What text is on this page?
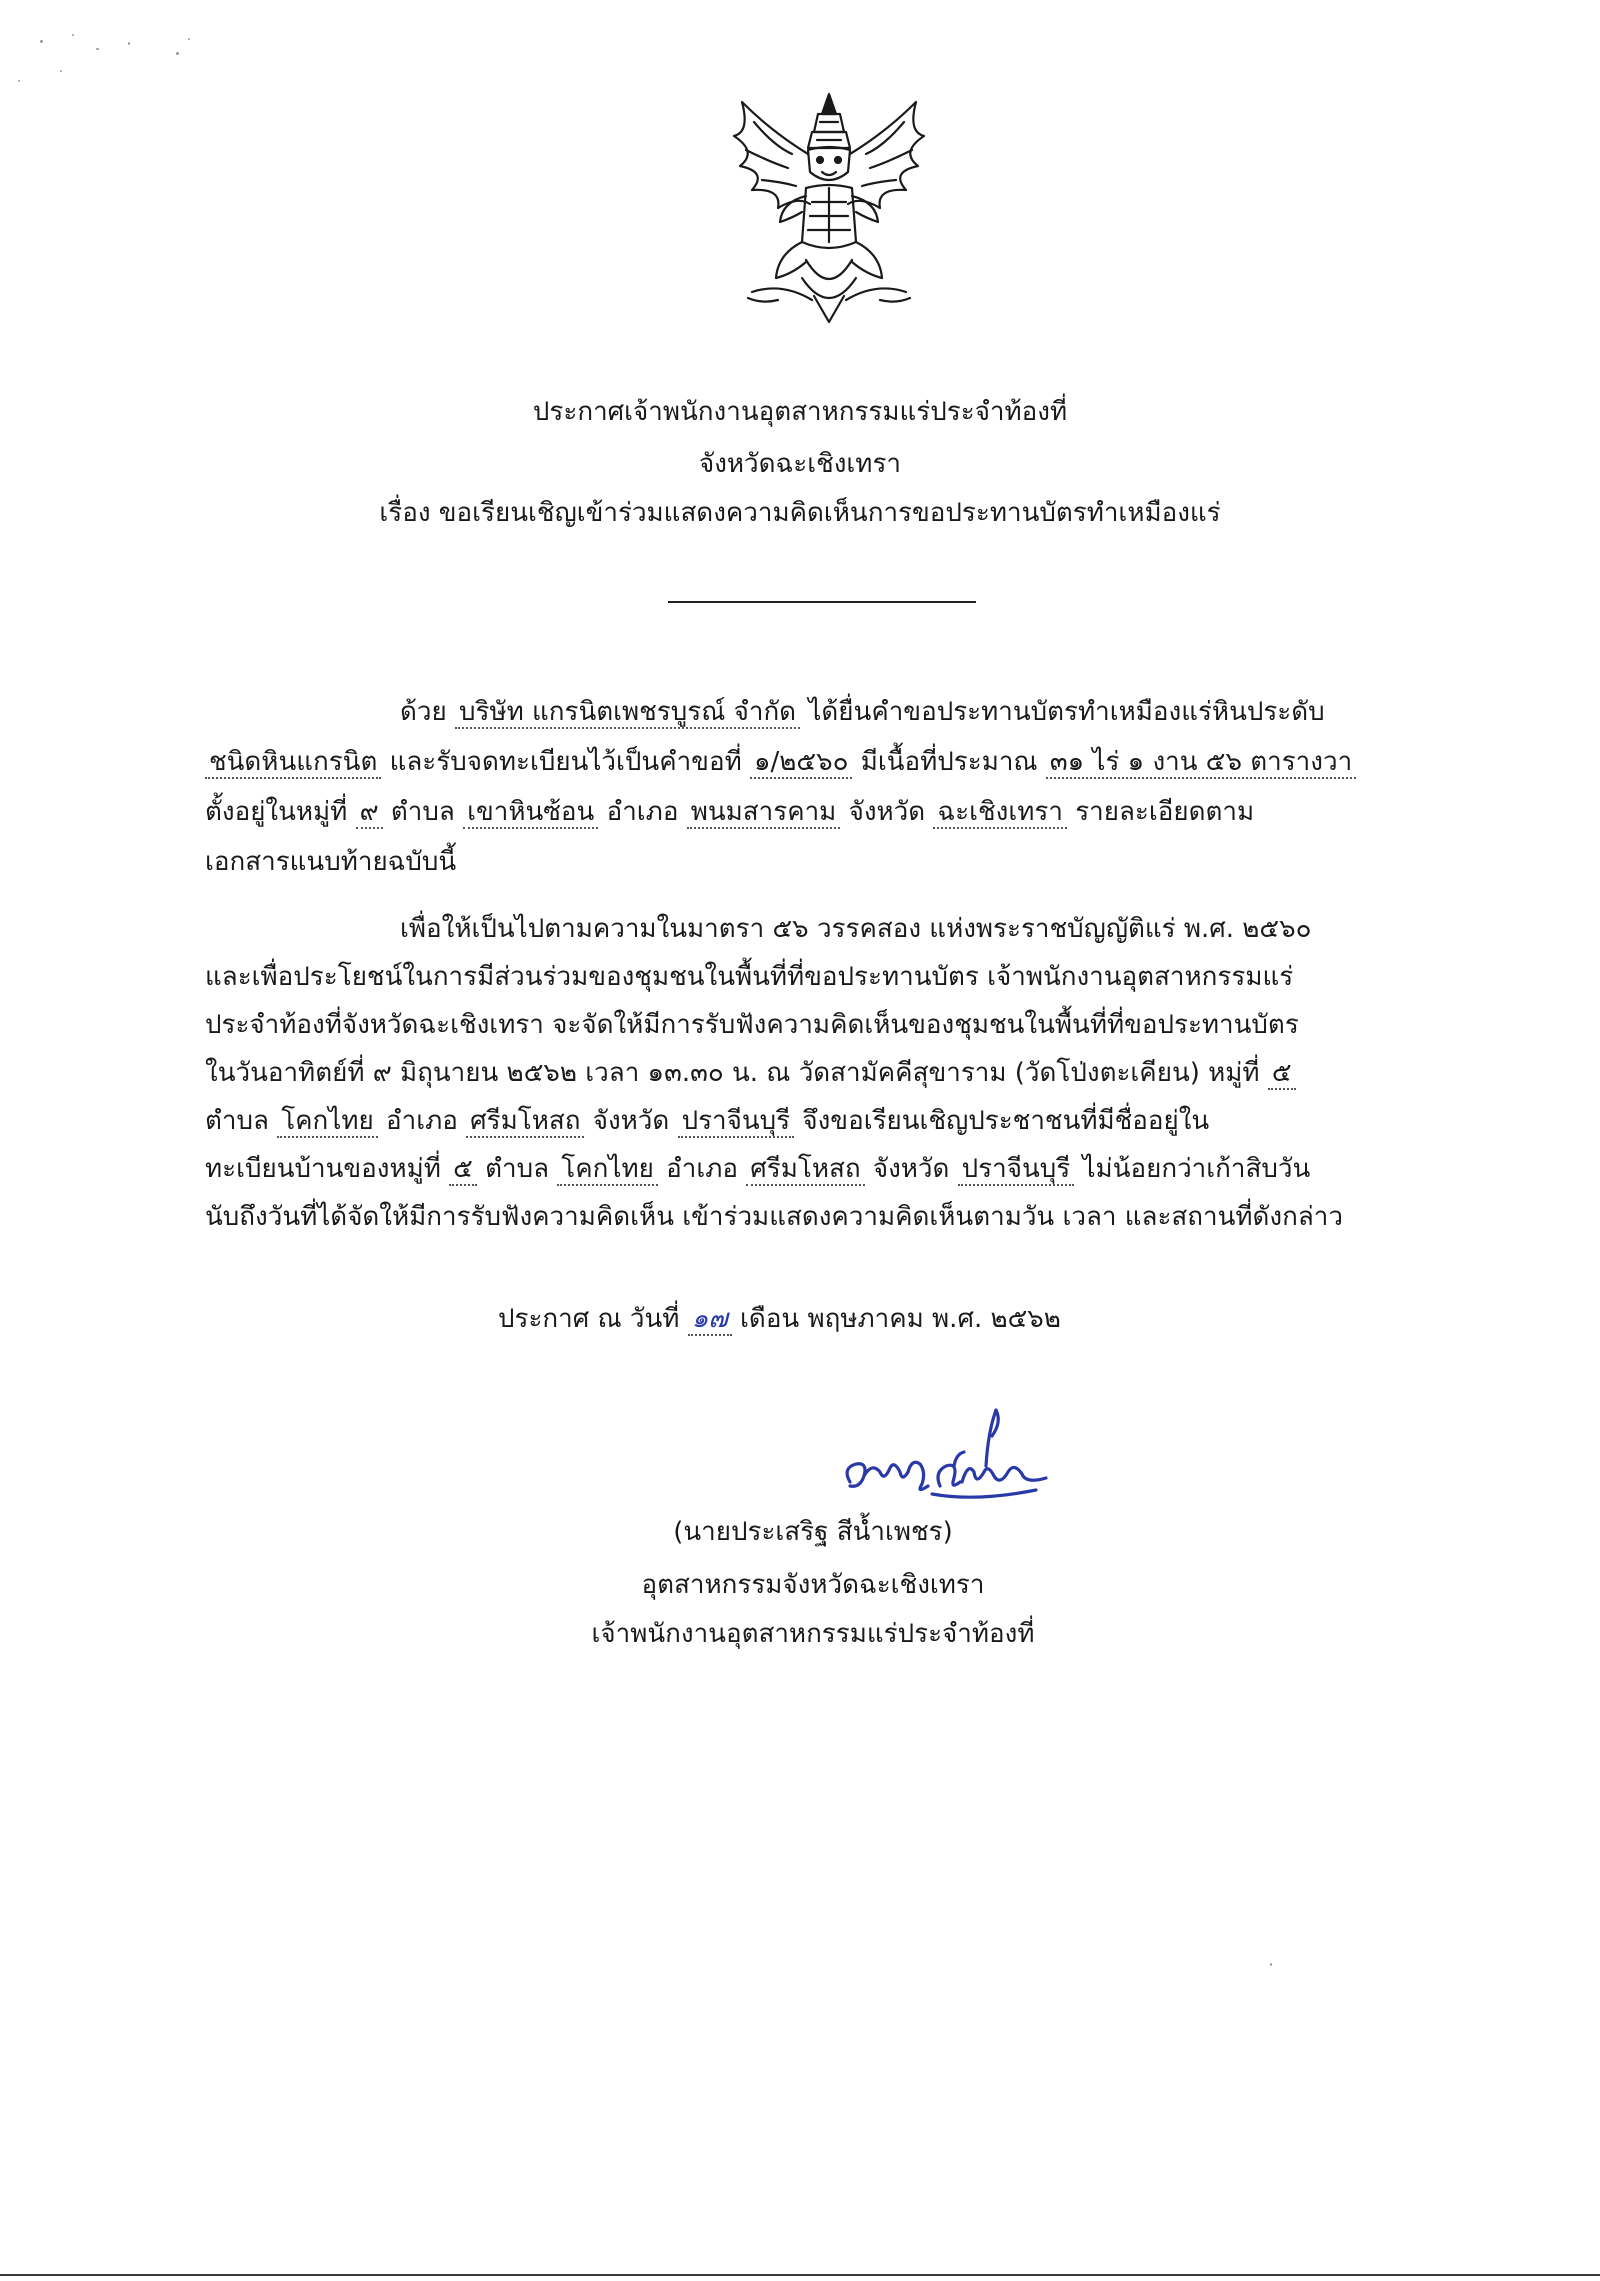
ประกาศเจ้าพนักงานอุตสาหกรรมแร่ประจำท้องที่
จังหวัดฉะเชิงเทรา
เรื่อง ขอเรียนเชิญเข้าร่วมแสดงความคิดเห็นการขอประทานบัตรทำเหมืองแร่
ด้วย บริษัท แกรนิตเพชรบูรณ์ จำกัด ได้ยื่นคำขอประทานบัตรทำเหมืองแร่หินประดับ
ชนิดหินแกรนิต และรับจดทะเบียนไว้เป็นคำขอที่ ๑/๒๕๖๐ มีเนื้อที่ประมาณ ๓๑ ไร่ ๑ งาน ๕๖ ตารางวา
ตั้งอยู่ในหมู่ที่ ๙ ตำบล เขาหินซ้อน อำเภอ พนมสารคาม จังหวัด ฉะเชิงเทรา รายละเอียดตาม
เอกสารแนบท้ายฉบับนี้
เพื่อให้เป็นไปตามความในมาตรา ๕๖ วรรคสอง แห่งพระราชบัญญัติแร่ พ.ศ. ๒๕๖๐
และเพื่อประโยชน์ในการมีส่วนร่วมของชุมชนในพื้นที่ที่ขอประทานบัตร เจ้าพนักงานอุตสาหกรรมแร่
ประจำท้องที่จังหวัดฉะเชิงเทรา จะจัดให้มีการรับฟังความคิดเห็นของชุมชนในพื้นที่ที่ขอประทานบัตร
ในวันอาทิตย์ที่ ๙ มิถุนายน ๒๕๖๒ เวลา ๑๓.๓๐ น. ณ วัดสามัคคีสุขาราม (วัดโป่งตะเคียน) หมู่ที่ ๕
ตำบล โคกไทย อำเภอ ศรีมโหสถ จังหวัด ปราจีนบุรี จึงขอเรียนเชิญประชาชนที่มีชื่ออยู่ใน
ทะเบียนบ้านของหมู่ที่ ๕ ตำบล โคกไทย อำเภอ ศรีมโหสถ จังหวัด ปราจีนบุรี ไม่น้อยกว่าเก้าสิบวัน
นับถึงวันที่ได้จัดให้มีการรับฟังความคิดเห็น เข้าร่วมแสดงความคิดเห็นตามวัน เวลา และสถานที่ดังกล่าว
ประกาศ ณ วันที่ ๑๗ เดือน พฤษภาคม พ.ศ. ๒๕๖๒
(นายประเสริฐ สีน้ำเพชร)
อุตสาหกรรมจังหวัดฉะเชิงเทรา
เจ้าพนักงานอุตสาหกรรมแร่ประจำท้องที่
